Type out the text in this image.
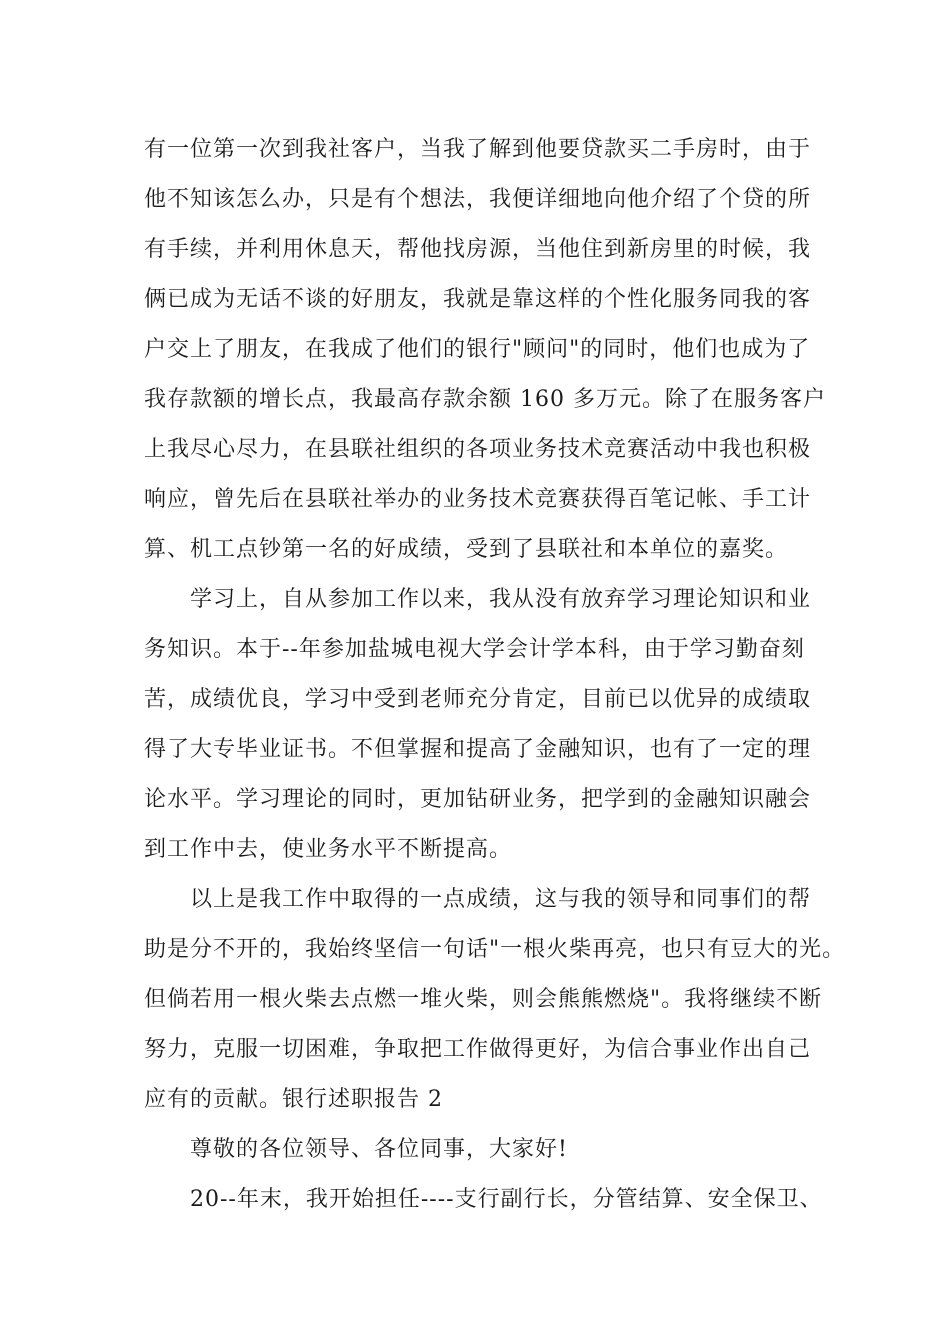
有一位第一次到我社客户，当我了解到他要贷款买二手房时，由于
他不知该怎么办，只是有个想法，我便详细地向他介绍了个贷的所
有手续，并利用休息天，帮他找房源，当他住到新房里的时候，我
俩已成为无话不谈的好朋友，我就是靠这样的个性化服务同我的客
户交上了朋友，在我成了他们的银行"顾问"的同时，他们也成为了
我存款额的增长点，我最高存款余额 160 多万元。除了在服务客户
上我尽心尽力，在县联社组织的各项业务技术竞赛活动中我也积极
响应，曾先后在县联社举办的业务技术竞赛获得百笔记帐、手工计
算、机工点钞第一名的好成绩，受到了县联社和本单位的嘉奖。
学习上，自从参加工作以来，我从没有放弃学习理论知识和业
务知识。本于--年参加盐城电视大学会计学本科，由于学习勤奋刻
苦，成绩优良，学习中受到老师充分肯定，目前已以优异的成绩取
得了大专毕业证书。不但掌握和提高了金融知识，也有了一定的理
论水平。学习理论的同时，更加钻研业务，把学到的金融知识融会
到工作中去，使业务水平不断提高。
以上是我工作中取得的一点成绩，这与我的领导和同事们的帮
助是分不开的，我始终坚信一句话"一根火柴再亮，也只有豆大的光。
但倘若用一根火柴去点燃一堆火柴，则会熊熊燃烧"。我将继续不断
努力，克服一切困难，争取把工作做得更好，为信合事业作出自己
应有的贡献。银行述职报告 2
尊敬的各位领导、各位同事，大家好!
20--年末，我开始担任----支行副行长，分管结算、安全保卫、
